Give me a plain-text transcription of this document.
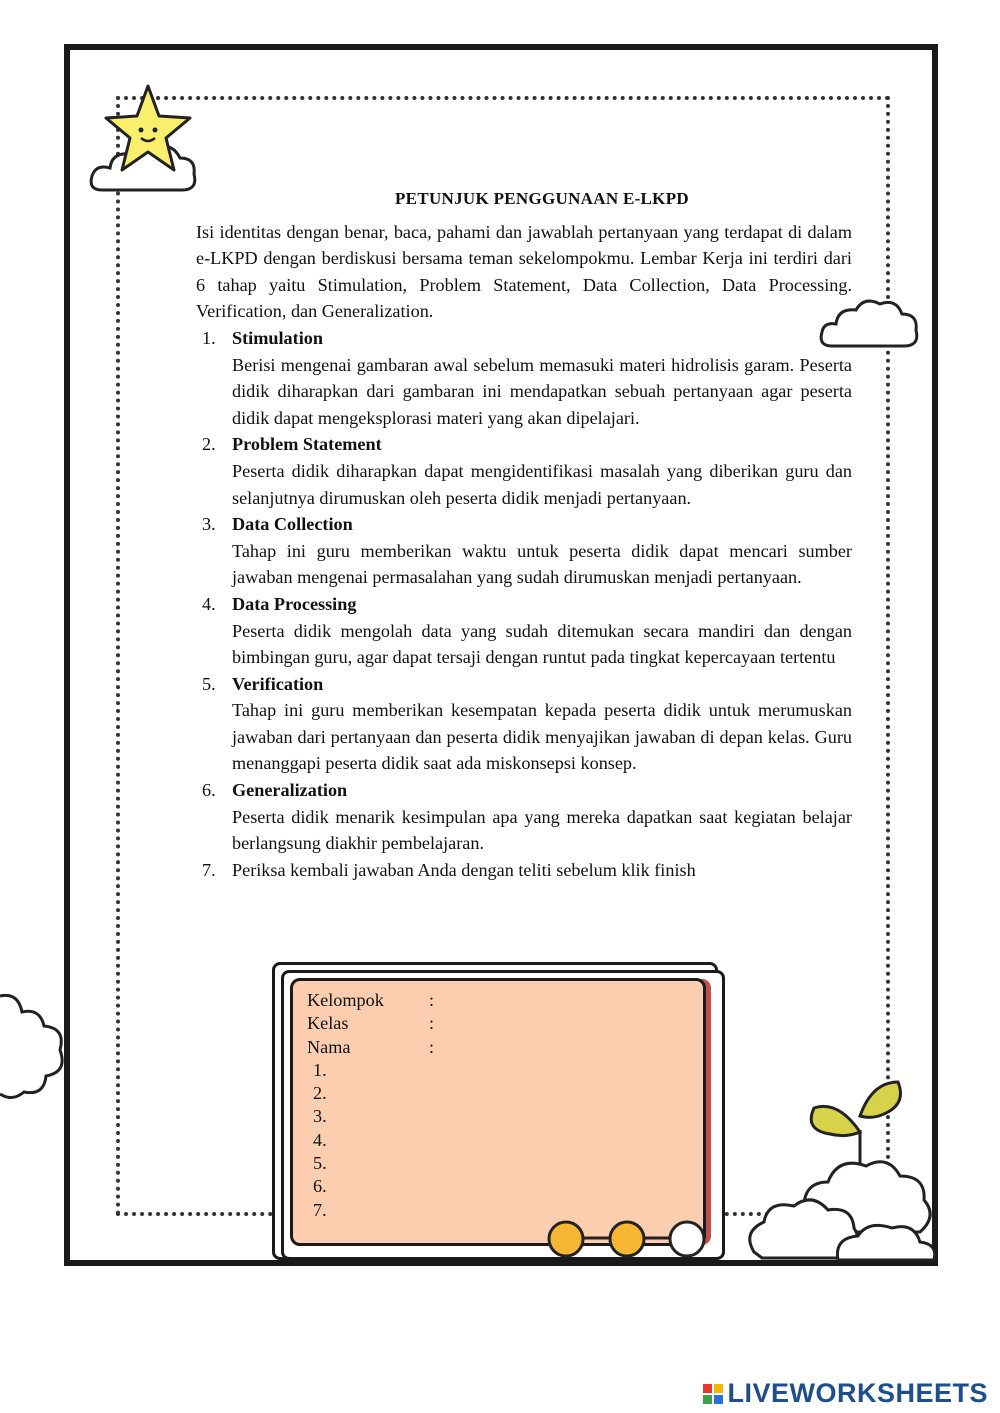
PETUNJUK PENGGUNAAN E-LKPD

Isi identitas dengan benar, baca, pahami dan jawablah pertanyaan yang terdapat di dalam e-LKPD dengan berdiskusi bersama teman sekelompokmu. Lembar Kerja ini terdiri dari 6 tahap yaitu Stimulation, Problem Statement, Data Collection, Data Processing. Verification, dan Generalization.

1. Stimulation

Berisi mengenai gambaran awal sebelum memasuki materi hidrolisis garam. Peserta didik diharapkan dari gambaran ini mendapatkan sebuah pertanyaan agar peserta didik dapat mengeksplorasi materi yang akan dipelajari.

2. Problem Statement

Peserta didik diharapkan dapat mengidentifikasi masalah yang diberikan guru dan selanjutnya dirumuskan oleh peserta didik menjadi pertanyaan.

3. Data Collection

Tahap ini guru memberikan waktu untuk peserta didik dapat mencari sumber jawaban mengenai permasalahan yang sudah dirumuskan menjadi pertanyaan.

4. Data Processing

Peserta didik mengolah data yang sudah ditemukan secara mandiri dan dengan bimbingan guru, agar dapat tersaji dengan runtut pada tingkat kepercayaan tertentu

5. Verification

Tahap ini guru memberikan kesempatan kepada peserta didik untuk merumuskan jawaban dari pertanyaan dan peserta didik menyajikan jawaban di depan kelas. Guru menanggapi peserta didik saat ada miskonsepsi konsep.

6. Generalization

Peserta didik menarik kesimpulan apa yang mereka dapatkan saat kegiatan belajar berlangsung diakhir pembelajaran.

7. Periksa kembali jawaban Anda dengan teliti sebelum klik finish
Kelompok	:
Kelas	:
Nama	:
1.
2.
3.
4.
5.
6.
7.
LIVEWORKSHEETS
